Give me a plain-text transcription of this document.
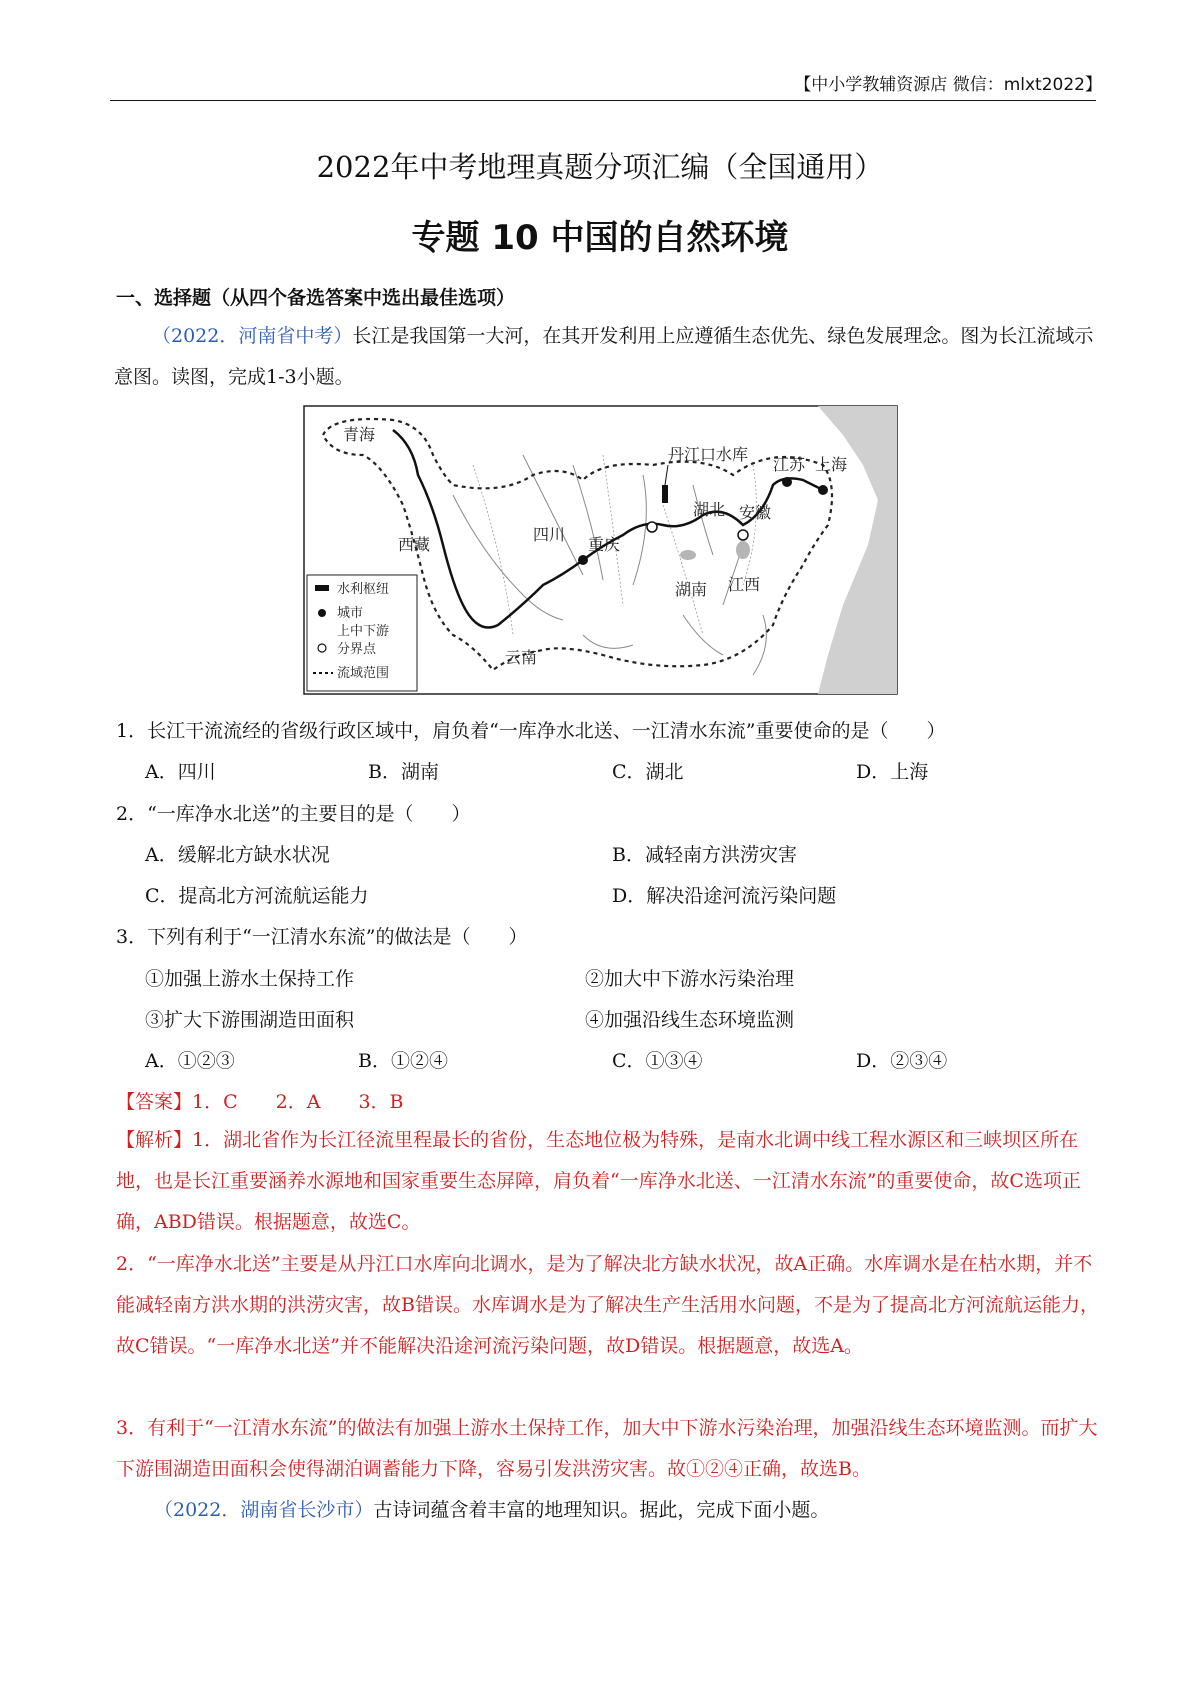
【中小学教辅资源店 微信：mlxt2022】
2022年中考地理真题分项汇编（全国通用）
专题 10 中国的自然环境
一、选择题（从四个备选答案中选出最佳选项）
（2022．河南省中考）长江是我国第一大河，在其开发利用上应遵循生态优先、绿色发展理念。图为长江流域示意图。读图，完成1-3小题。
青海
西藏
四川
重庆
云南
湖北
湖南 江西
安徽
江苏 上海
丹江口水库
水利枢纽
城市
上中下游
分界点
流域范围
1．长江干流流经的省级行政区域中，肩负着“一库净水北送、一江清水东流”重要使命的是（　　）
A．四川	B．湖南	C．湖北	D．上海
2．“一库净水北送”的主要目的是（　　）
A．缓解北方缺水状况	B．减轻南方洪涝灾害
C．提高北方河流航运能力	D．解决沿途河流污染问题
3．下列有利于“一江清水东流”的做法是（　　）
①加强上游水土保持工作	②加大中下游水污染治理
③扩大下游围湖造田面积	④加强沿线生态环境监测
A．①②③	B．①②④	C．①③④	D．②③④
【答案】1．C　　2．A　　3．B
【解析】1．湖北省作为长江径流里程最长的省份，生态地位极为特殊，是南水北调中线工程水源区和三峡坝区所在地，也是长江重要涵养水源地和国家重要生态屏障，肩负着“一库净水北送、一江清水东流”的重要使命，故C选项正确，ABD错误。根据题意，故选C。
2．“一库净水北送”主要是从丹江口水库向北调水，是为了解决北方缺水状况，故A正确。水库调水是在枯水期，并不能减轻南方洪水期的洪涝灾害，故B错误。水库调水是为了解决生产生活用水问题，不是为了提高北方河流航运能力，故C错误。“一库净水北送”并不能解决沿途河流污染问题，故D错误。根据题意，故选A。
3．有利于“一江清水东流”的做法有加强上游水土保持工作，加大中下游水污染治理，加强沿线生态环境监测。而扩大下游围湖造田面积会使得湖泊调蓄能力下降，容易引发洪涝灾害。故①②④正确，故选B。
（2022．湖南省长沙市）古诗词蕴含着丰富的地理知识。据此，完成下面小题。
